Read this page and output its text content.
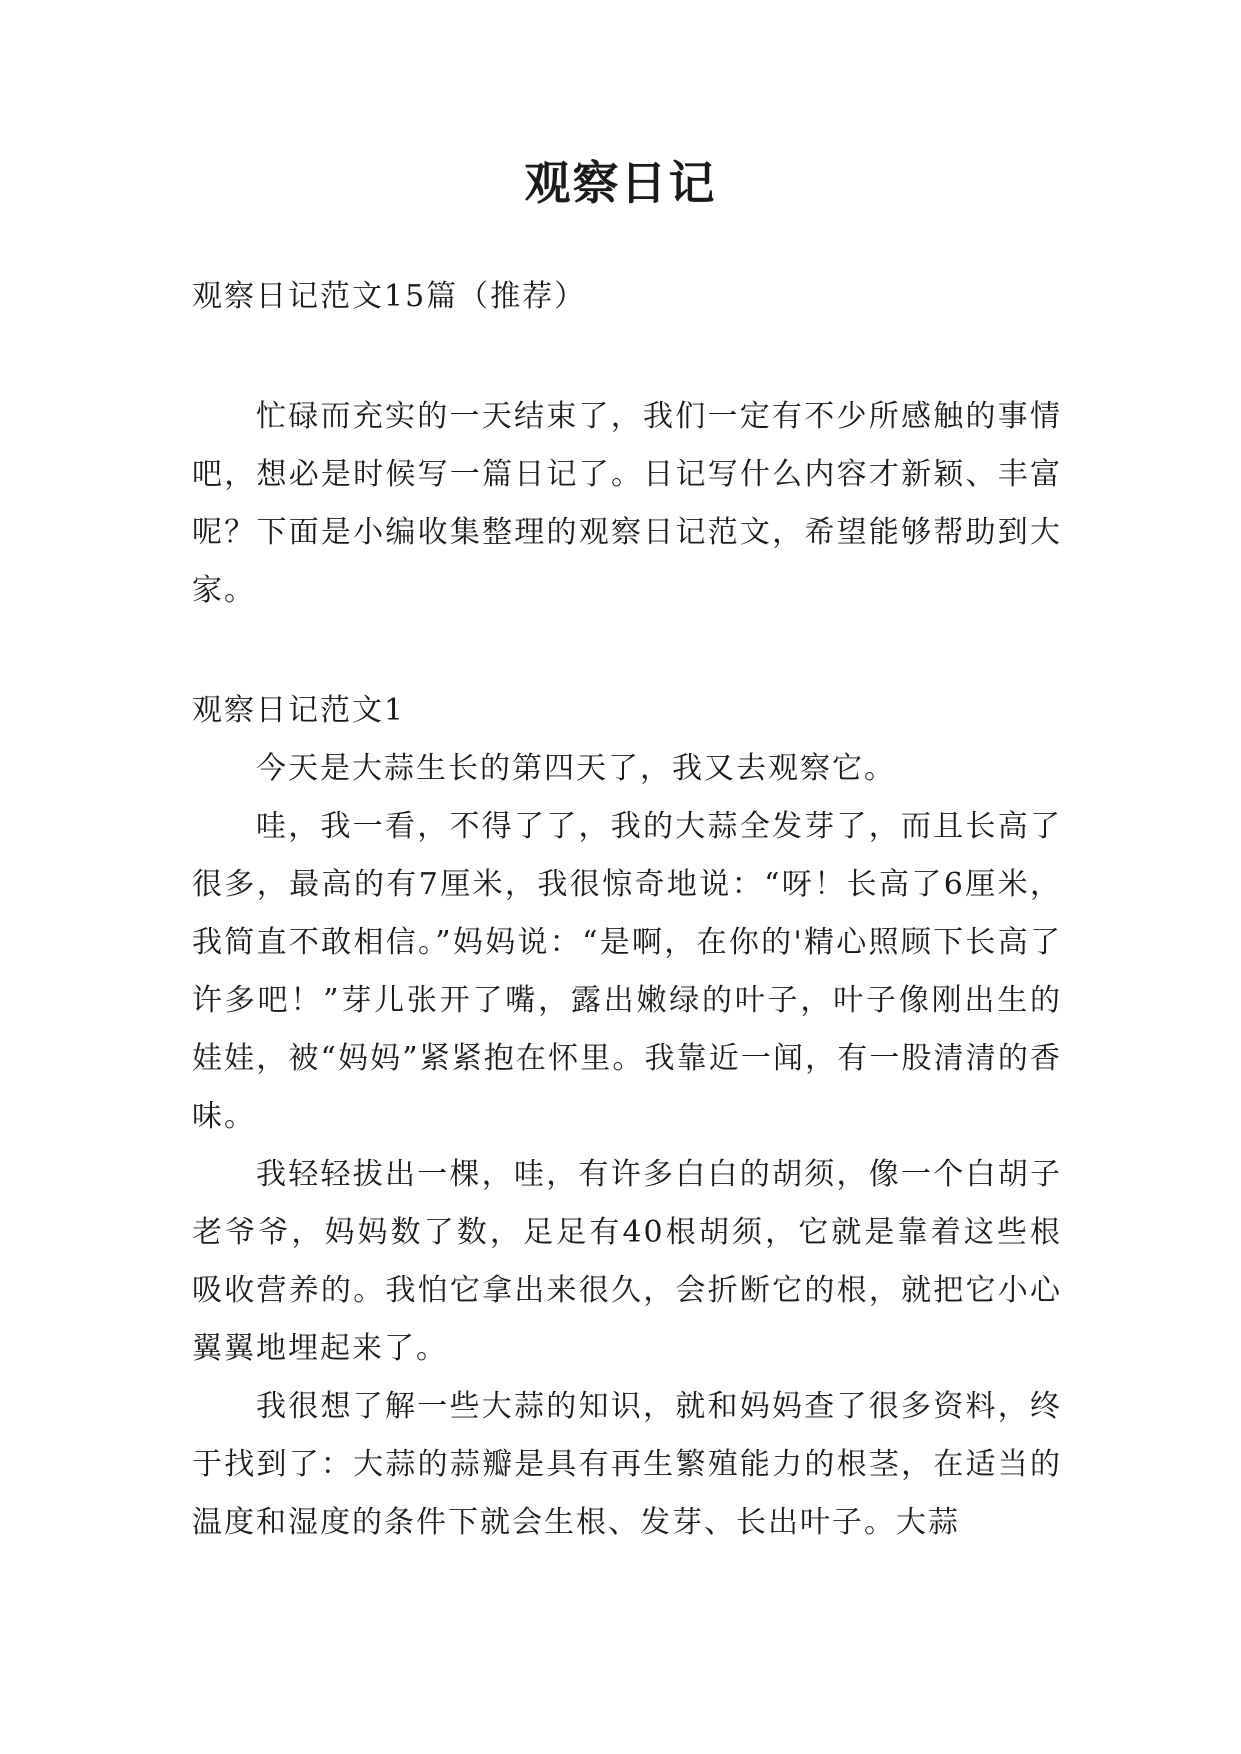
观察日记

观察日记范文15篇（推荐）

忙碌而充实的一天结束了，我们一定有不少所感触的事情吧，想必是时候写一篇日记了。日记写什么内容才新颖、丰富呢？下面是小编收集整理的观察日记范文，希望能够帮助到大家。

观察日记范文1

今天是大蒜生长的第四天了，我又去观察它。

哇，我一看，不得了了，我的大蒜全发芽了，而且长高了很多，最高的有7厘米，我很惊奇地说：“呀！长高了6厘米，我简直不敢相信。”妈妈说：“是啊，在你的'精心照顾下长高了许多吧！”芽儿张开了嘴，露出嫩绿的叶子，叶子像刚出生的娃娃，被“妈妈”紧紧抱在怀里。我靠近一闻，有一股清清的香味。

我轻轻拔出一棵，哇，有许多白白的胡须，像一个白胡子老爷爷，妈妈数了数，足足有40根胡须，它就是靠着这些根吸收营养的。我怕它拿出来很久，会折断它的根，就把它小心翼翼地埋起来了。

我很想了解一些大蒜的知识，就和妈妈查了很多资料，终于找到了：大蒜的蒜瓣是具有再生繁殖能力的根茎，在适当的温度和湿度的条件下就会生根、发芽、长出叶子。大蒜
